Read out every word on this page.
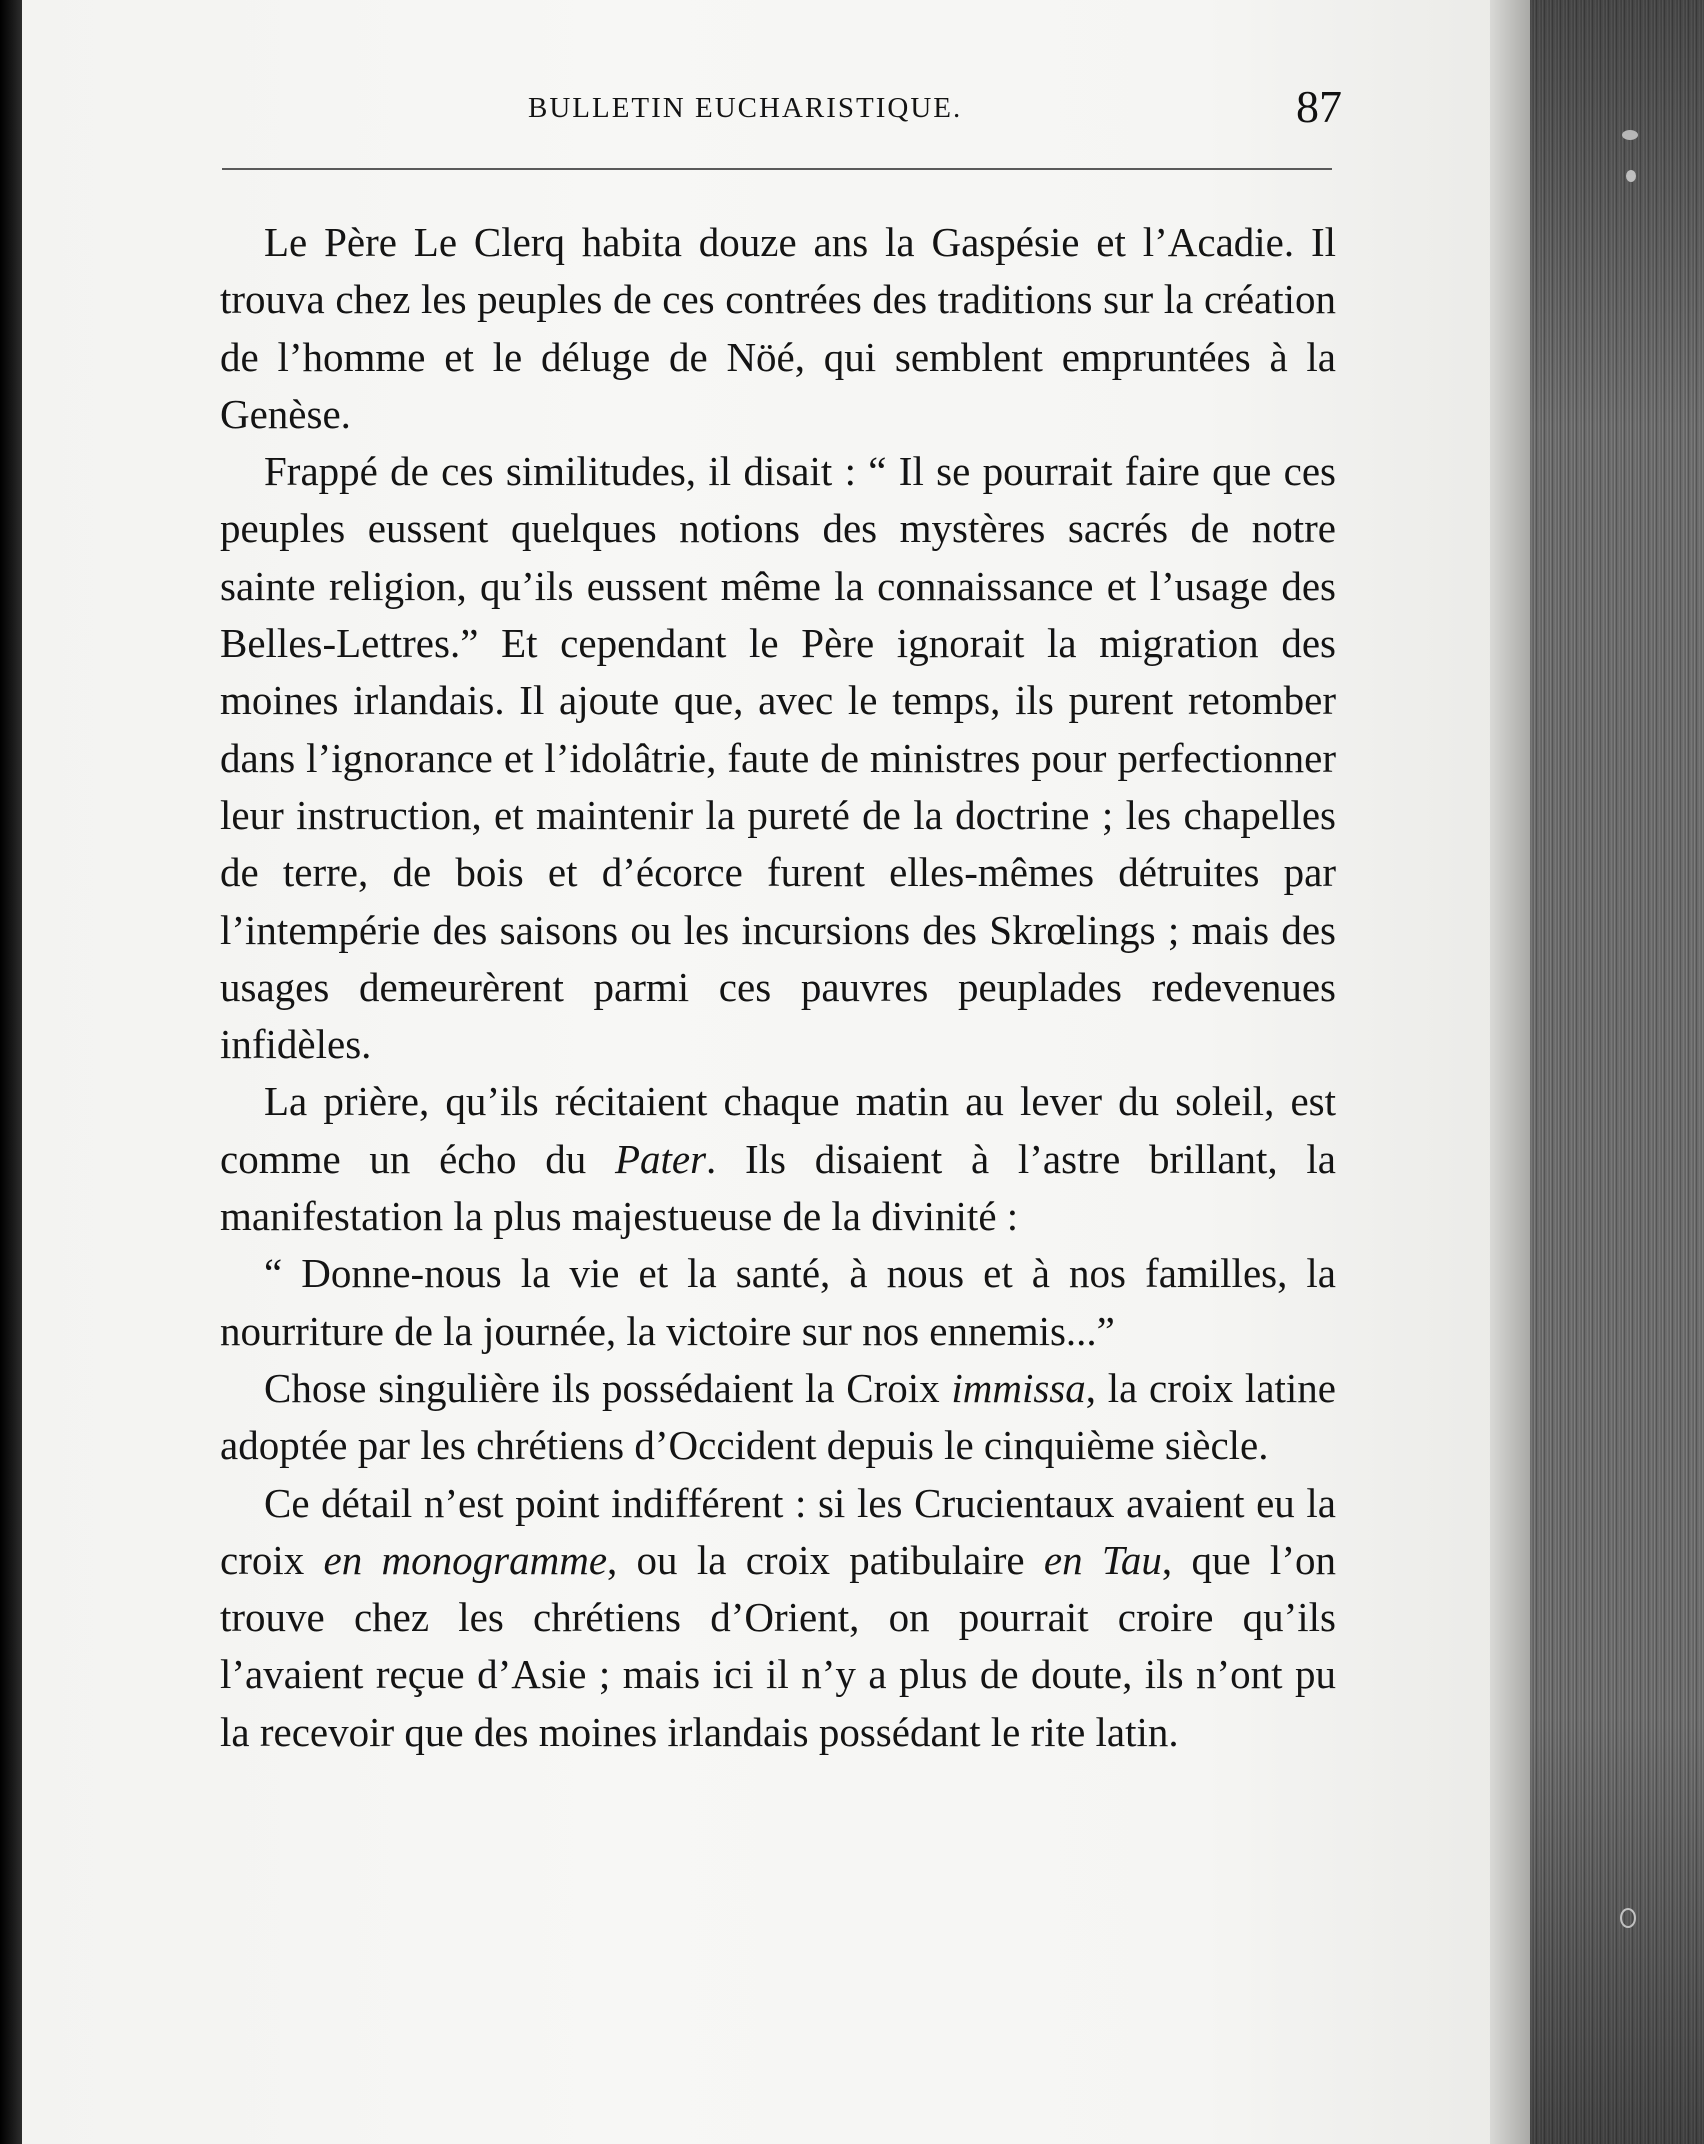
BULLETIN EUCHARISTIQUE.	87

Le Père Le Clerq habita douze ans la Gaspésie et l’Acadie. Il trouva chez les peuples de ces contrées des traditions sur la création de l’homme et le déluge de Nöé, qui semblent empruntées à la Genèse.

Frappé de ces similitudes, il disait : “ Il se pourrait faire que ces peuples eussent quelques notions des mystères sacrés de notre sainte religion, qu’ils eussent même la connaissance et l’usage des Belles-Lettres.” Et cependant le Père ignorait la migration des moines irlandais. Il ajoute que, avec le temps, ils purent retomber dans l’ignorance et l’idolâtrie, faute de ministres pour perfectionner leur instruction, et maintenir la pureté de la doctrine ; les chapelles de terre, de bois et d’écorce furent elles-mêmes détruites par l’intempérie des saisons ou les incursions des Skrœlings ; mais des usages demeurèrent parmi ces pauvres peuplades redevenues infidèles.

La prière, qu’ils récitaient chaque matin au lever du soleil, est comme un écho du Pater. Ils disaient à l’astre brillant, la manifestation la plus majestueuse de la divinité :

“ Donne-nous la vie et la santé, à nous et à nos familles, la nourriture de la journée, la victoire sur nos ennemis...”

Chose singulière ils possédaient la Croix immissa, la croix latine adoptée par les chrétiens d’Occident depuis le cinquième siècle.

Ce détail n’est point indifférent : si les Crucientaux avaient eu la croix en monogramme, ou la croix patibulaire en Tau, que l’on trouve chez les chrétiens d’Orient, on pourrait croire qu’ils l’avaient reçue d’Asie ; mais ici il n’y a plus de doute, ils n’ont pu la recevoir que des moines irlandais possédant le rite latin.
